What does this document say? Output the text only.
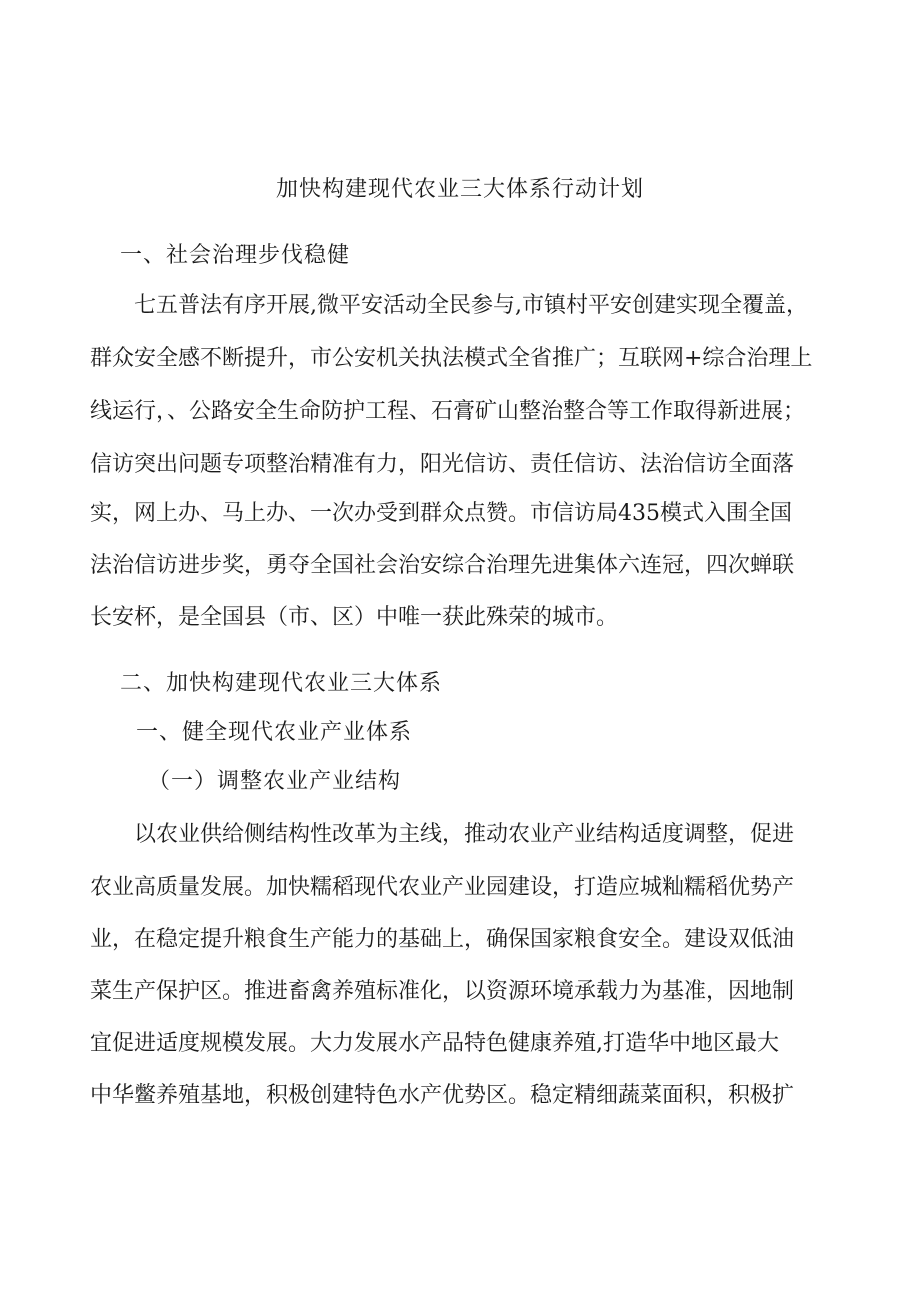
加快构建现代农业三大体系行动计划
一、社会治理步伐稳健
七五普法有序开展,微平安活动全民参与,市镇村平安创建实现全覆盖，
群众安全感不断提升，市公安机关执法模式全省推广；互联网+综合治理上
线运行，、公路安全生命防护工程、石膏矿山整治整合等工作取得新进展；
信访突出问题专项整治精准有力，阳光信访、责任信访、法治信访全面落
实，网上办、马上办、一次办受到群众点赞。市信访局435模式入围全国
法治信访进步奖，勇夺全国社会治安综合治理先进集体六连冠，四次蝉联
长安杯，是全国县（市、区）中唯一获此殊荣的城市。
二、加快构建现代农业三大体系
一、健全现代农业产业体系
（一）调整农业产业结构
以农业供给侧结构性改革为主线，推动农业产业结构适度调整，促进
农业高质量发展。加快糯稻现代农业产业园建设，打造应城籼糯稻优势产
业，在稳定提升粮食生产能力的基础上，确保国家粮食安全。建设双低油
菜生产保护区。推进畜禽养殖标准化，以资源环境承载力为基准，因地制
宜促进适度规模发展。大力发展水产品特色健康养殖,打造华中地区最大
中华鳖养殖基地，积极创建特色水产优势区。稳定精细蔬菜面积，积极扩
